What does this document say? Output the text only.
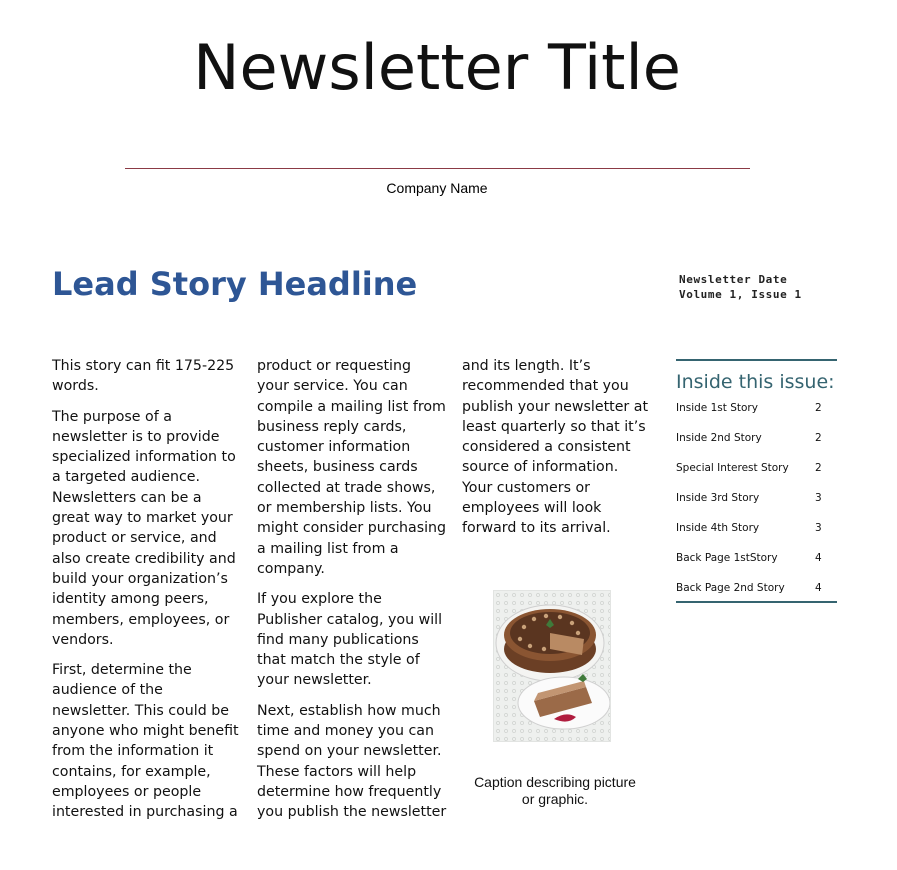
Newsletter Title
Company Name
Lead Story Headline	Newsletter Date
Volume 1, Issue 1

This story can fit 175-225 words.

The purpose of a newsletter is to provide specialized information to a targeted audience. Newsletters can be a great way to market your product or service, and also create credibility and build your organization’s identity among peers, members, employees, or vendors.

First, determine the audience of the newsletter. This could be anyone who might benefit from the information it contains, for example, employees or people interested in purchasing a

product or requesting your service. You can compile a mailing list from business reply cards, customer information sheets, business cards collected at trade shows, or membership lists. You might consider purchasing a mailing list from a company.

If you explore the Publisher catalog, you will find many publications that match the style of your newsletter.

Next, establish how much time and money you can spend on your newsletter. These factors will help determine how frequently you publish the newsletter

and its length. It’s recommended that you publish your newsletter at least quarterly so that it’s considered a consistent source of information. Your customers or employees will look forward to its arrival.

Caption describing picture or graphic.
Inside this issue:
Inside 1st Story	2
Inside 2nd Story	2
Special Interest Story	2
Inside 3rd Story	3
Inside 4th Story	3
Back Page 1stStory	4
Back Page 2nd Story	4
